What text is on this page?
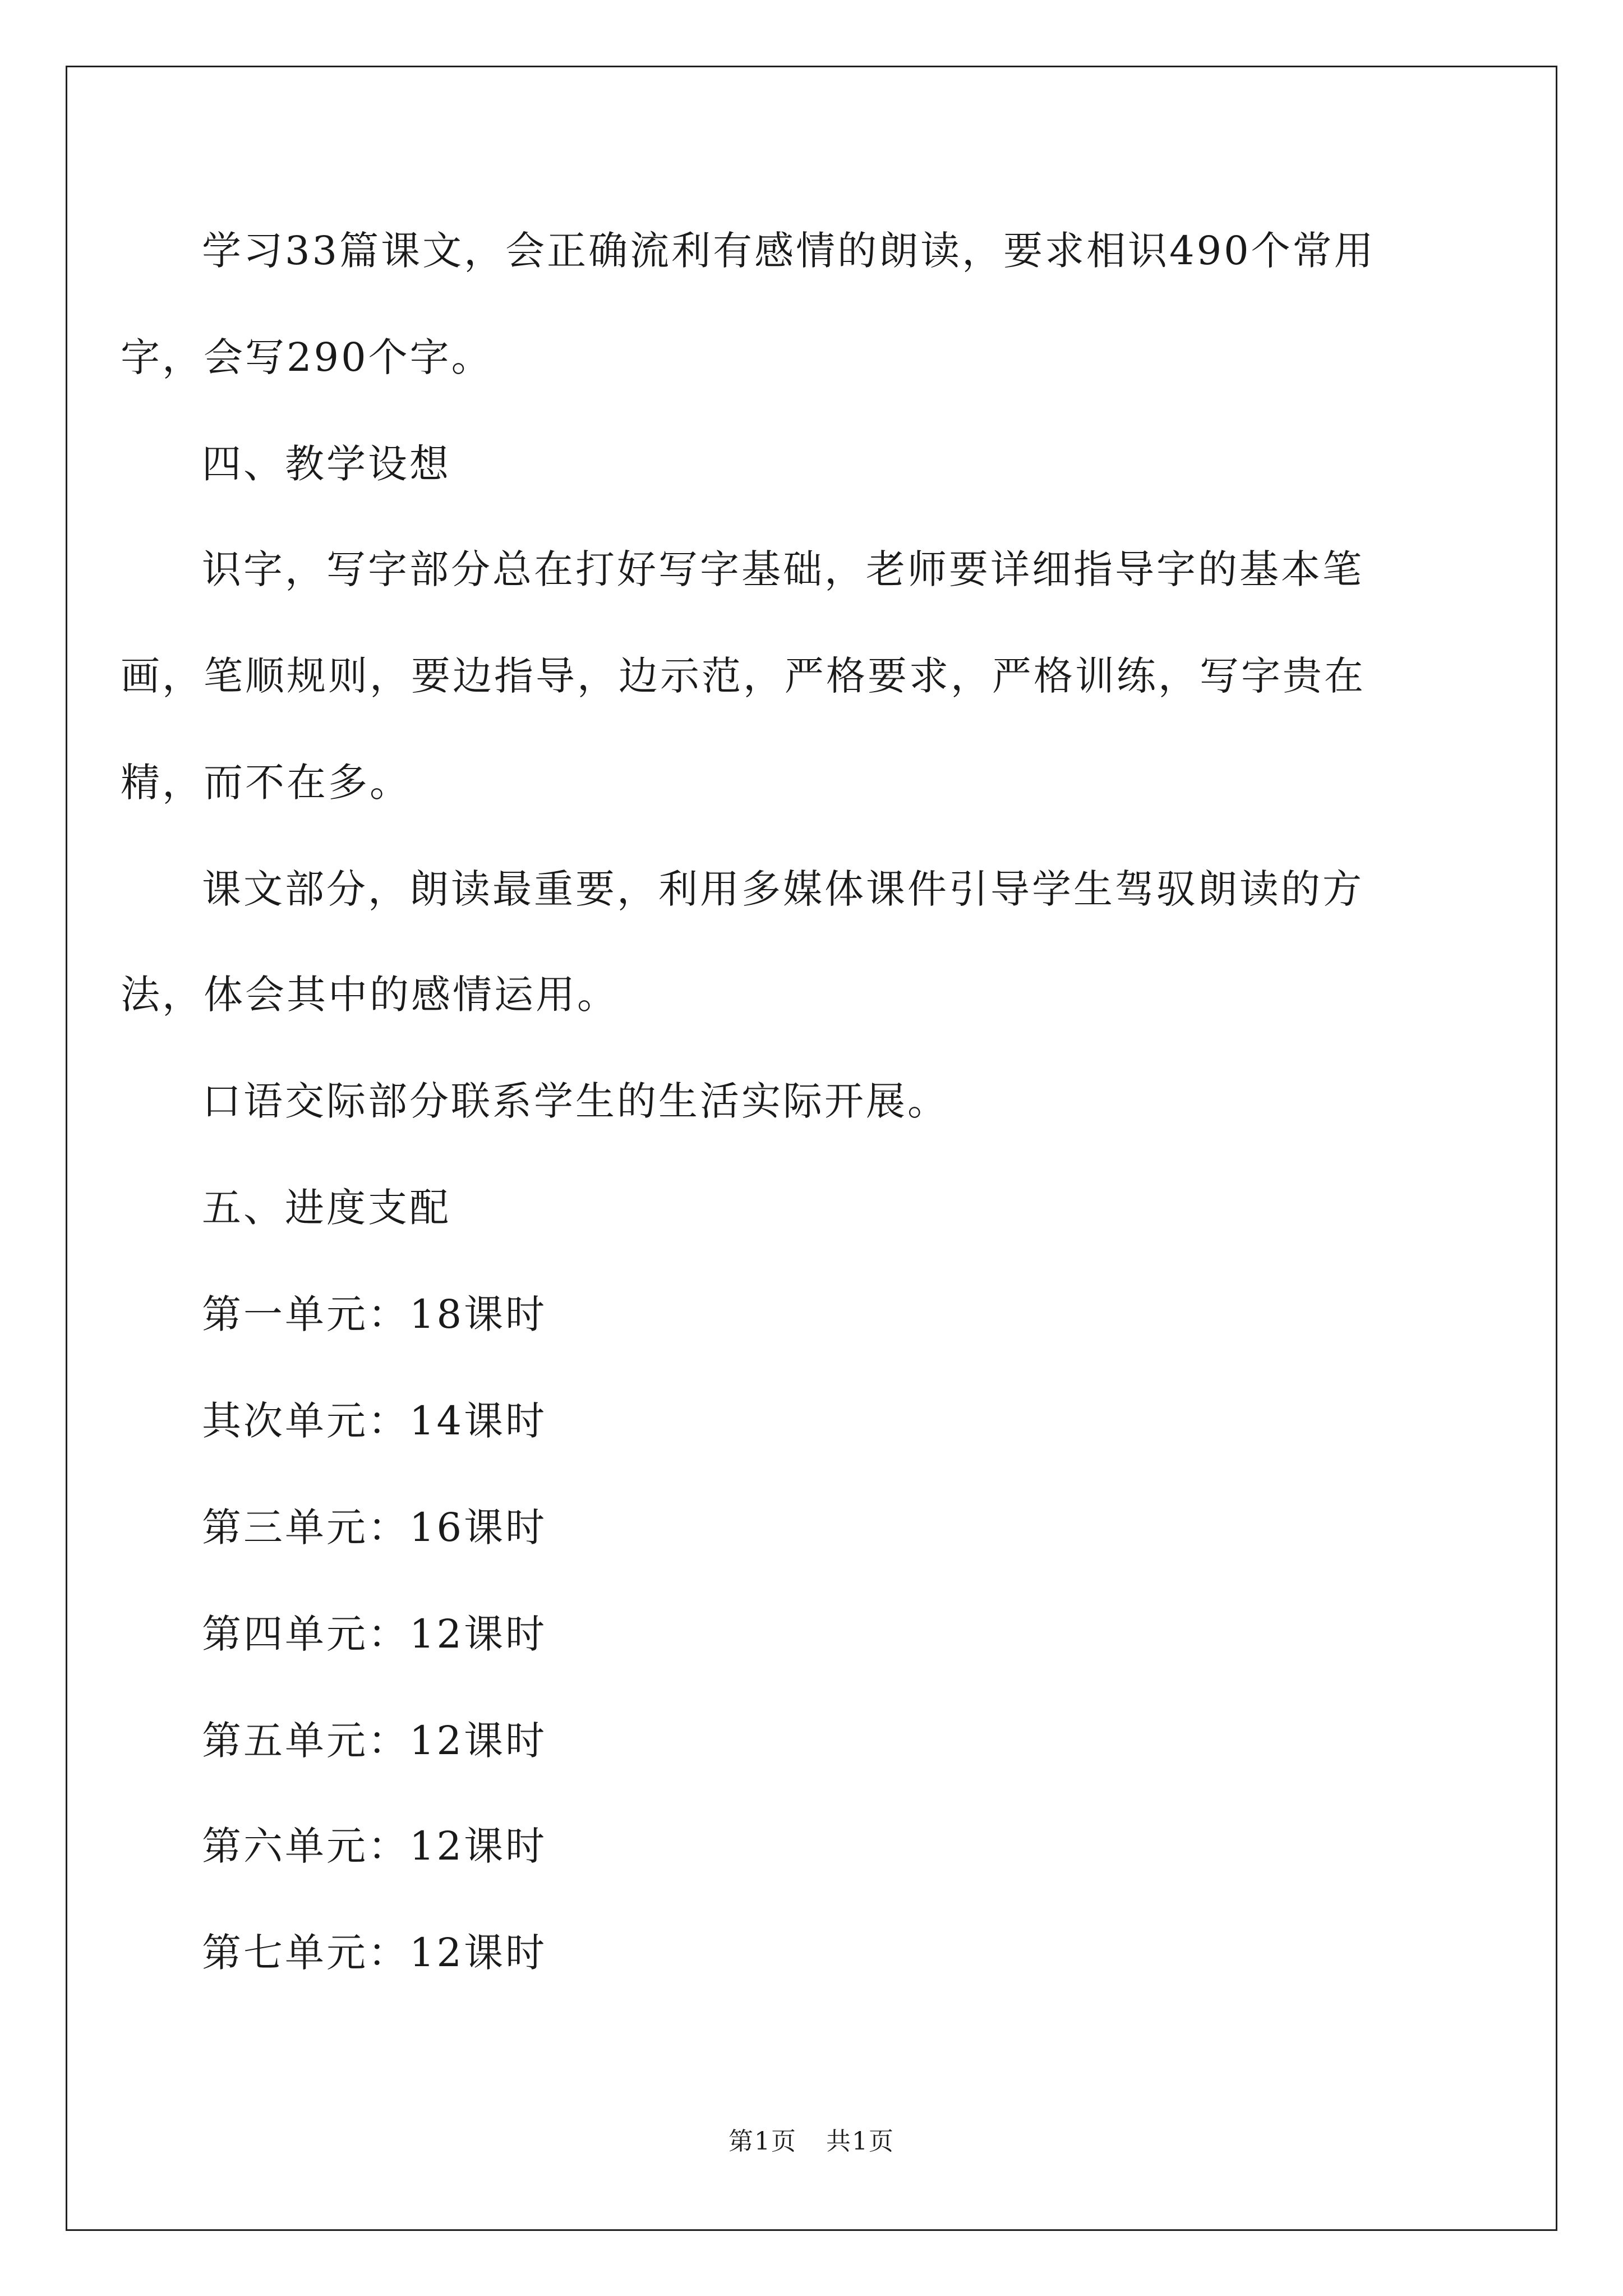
学习33篇课文，会正确流利有感情的朗读，要求相识490个常用
字，会写290个字。
四、教学设想
识字，写字部分总在打好写字基础，老师要详细指导字的基本笔
画，笔顺规则，要边指导，边示范，严格要求，严格训练，写字贵在
精，而不在多。
课文部分，朗读最重要，利用多媒体课件引导学生驾驭朗读的方
法，体会其中的感情运用。
口语交际部分联系学生的生活实际开展。
五、进度支配
第一单元：18课时
其次单元：14课时
第三单元：16课时
第四单元：12课时
第五单元：12课时
第六单元：12课时
第七单元：12课时
第1页 共1页
